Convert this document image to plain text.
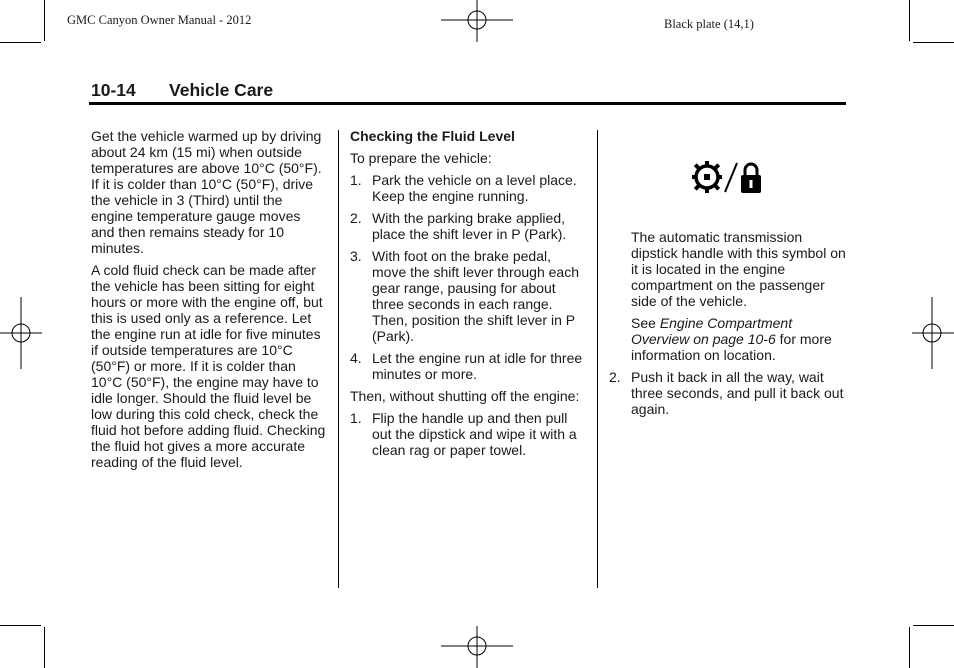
GMC Canyon Owner Manual - 2012	Black plate (14,1)
10-14 Vehicle Care

Get the vehicle warmed up by driving about 24 km (15 mi) when outside temperatures are above 10°C (50°F). If it is colder than 10°C (50°F), drive the vehicle in 3 (Third) until the engine temperature gauge moves and then remains steady for 10 minutes.

A cold fluid check can be made after the vehicle has been sitting for eight hours or more with the engine off, but this is used only as a reference. Let the engine run at idle for five minutes if outside temperatures are 10°C (50°F) or more. If it is colder than 10°C (50°F), the engine may have to idle longer. Should the fluid level be low during this cold check, check the fluid hot before adding fluid. Checking the fluid hot gives a more accurate reading of the fluid level.

Checking the Fluid Level

To prepare the vehicle:

1. Park the vehicle on a level place. Keep the engine running.
2. With the parking brake applied, place the shift lever in P (Park).
3. With foot on the brake pedal, move the shift lever through each gear range, pausing for about three seconds in each range. Then, position the shift lever in P (Park).
4. Let the engine run at idle for three minutes or more.

Then, without shutting off the engine:

1. Flip the handle up and then pull out the dipstick and wipe it with a clean rag or paper towel.

The automatic transmission dipstick handle with this symbol on it is located in the engine compartment on the passenger side of the vehicle.

See Engine Compartment Overview on page 10-6 for more information on location.

2. Push it back in all the way, wait three seconds, and pull it back out again.
